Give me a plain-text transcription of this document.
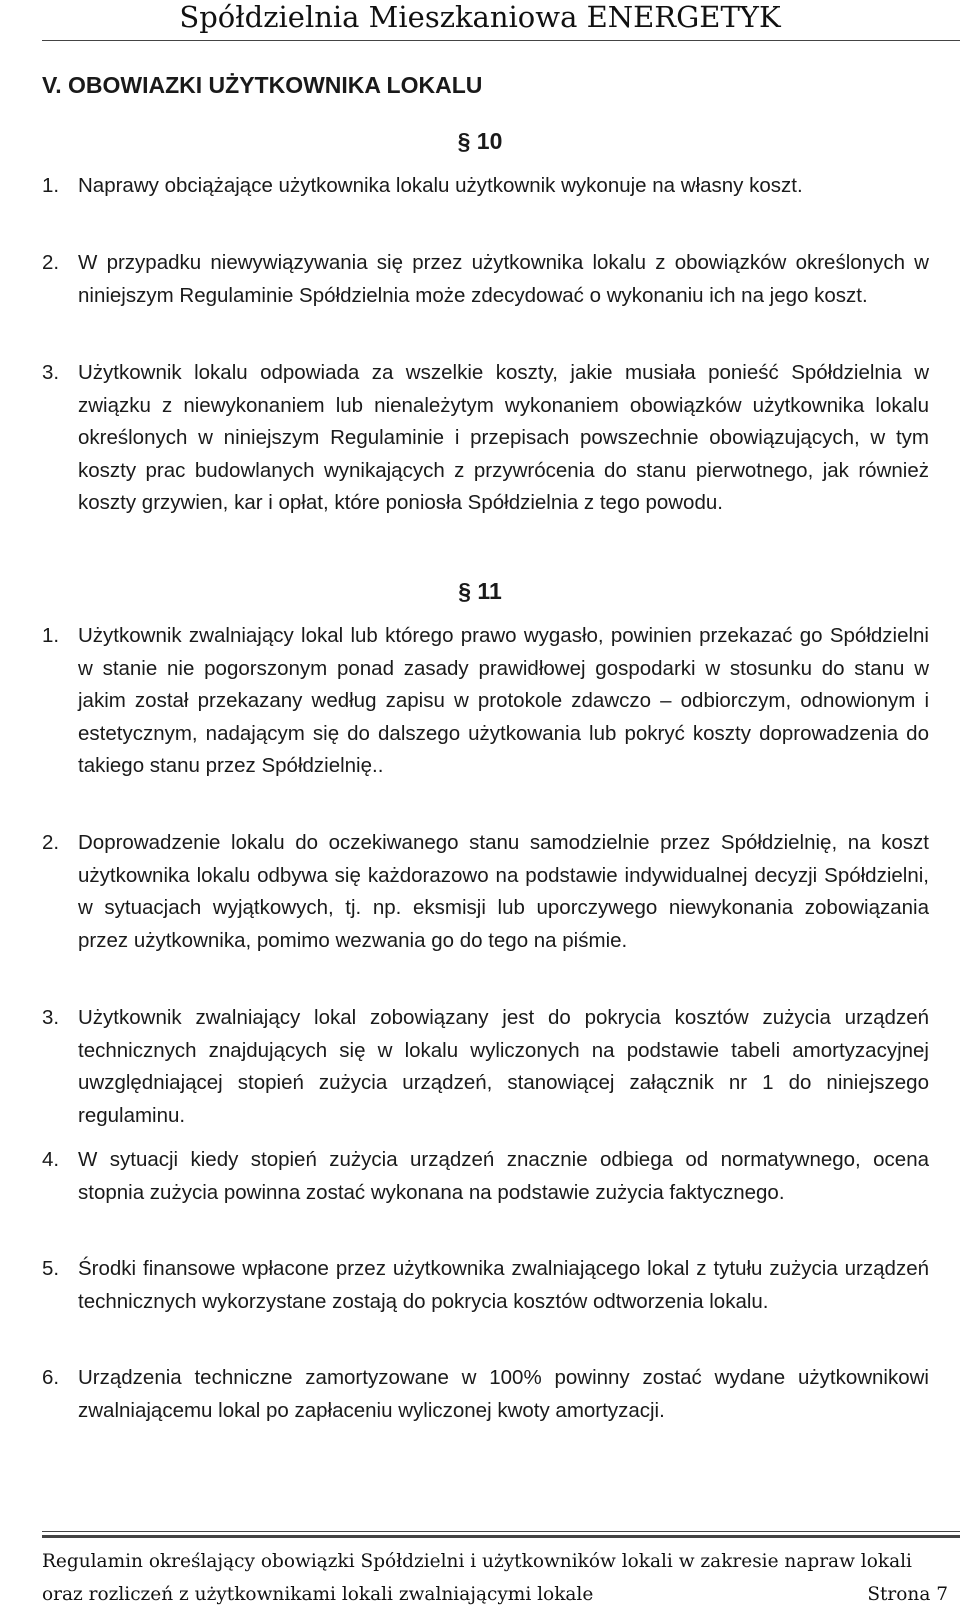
Spółdzielnia Mieszkaniowa ENERGETYK
V. OBOWIAZKI UŻYTKOWNIKA LOKALU
§ 10
1. Naprawy obciążające użytkownika lokalu użytkownik wykonuje na własny koszt.
2. W przypadku niewywiązywania się przez użytkownika lokalu z obowiązków określonych w niniejszym Regulaminie Spółdzielnia może zdecydować o wykonaniu ich na jego koszt.
3. Użytkownik lokalu odpowiada za wszelkie koszty, jakie musiała ponieść Spółdzielnia w związku z niewykonaniem lub nienależytym wykonaniem obowiązków użytkownika lokalu określonych w niniejszym Regulaminie i przepisach powszechnie obowiązujących, w tym koszty prac budowlanych wynikających z przywrócenia do stanu pierwotnego, jak również koszty grzywien, kar i opłat, które poniosła Spółdzielnia z tego powodu.
§ 11
1. Użytkownik zwalniający lokal lub którego prawo wygasło, powinien przekazać go Spółdzielni w stanie nie pogorszonym ponad zasady prawidłowej gospodarki w stosunku do stanu w jakim został przekazany według zapisu w protokole zdawczo – odbiorczym, odnowionym i estetycznym, nadającym się do dalszego użytkowania lub pokryć koszty doprowadzenia do takiego stanu przez Spółdzielnię..
2. Doprowadzenie lokalu do oczekiwanego stanu samodzielnie przez Spółdzielnię, na koszt użytkownika lokalu odbywa się każdorazowo na podstawie indywidualnej decyzji Spółdzielni, w sytuacjach wyjątkowych, tj. np. eksmisji lub uporczywego niewykonania zobowiązania przez użytkownika, pomimo wezwania go do tego na piśmie.
3. Użytkownik zwalniający lokal zobowiązany jest do pokrycia kosztów zużycia urządzeń technicznych znajdujących się w lokalu wyliczonych na podstawie tabeli amortyzacyjnej uwzględniającej stopień zużycia urządzeń, stanowiącej załącznik nr 1 do niniejszego regulaminu.
4. W sytuacji kiedy stopień zużycia urządzeń znacznie odbiega od normatywnego, ocena stopnia zużycia powinna zostać wykonana na podstawie zużycia faktycznego.
5. Środki finansowe wpłacone przez użytkownika zwalniającego lokal z tytułu zużycia urządzeń technicznych wykorzystane zostają do pokrycia kosztów odtworzenia lokalu.
6. Urządzenia techniczne zamortyzowane w 100% powinny zostać wydane użytkownikowi zwalniającemu lokal po zapłaceniu wyliczonej kwoty amortyzacji.
Regulamin określający obowiązki Spółdzielni i użytkowników lokali w zakresie napraw lokali
oraz rozliczeń z użytkownikami lokali zwalniającymi lokale	Strona 7
